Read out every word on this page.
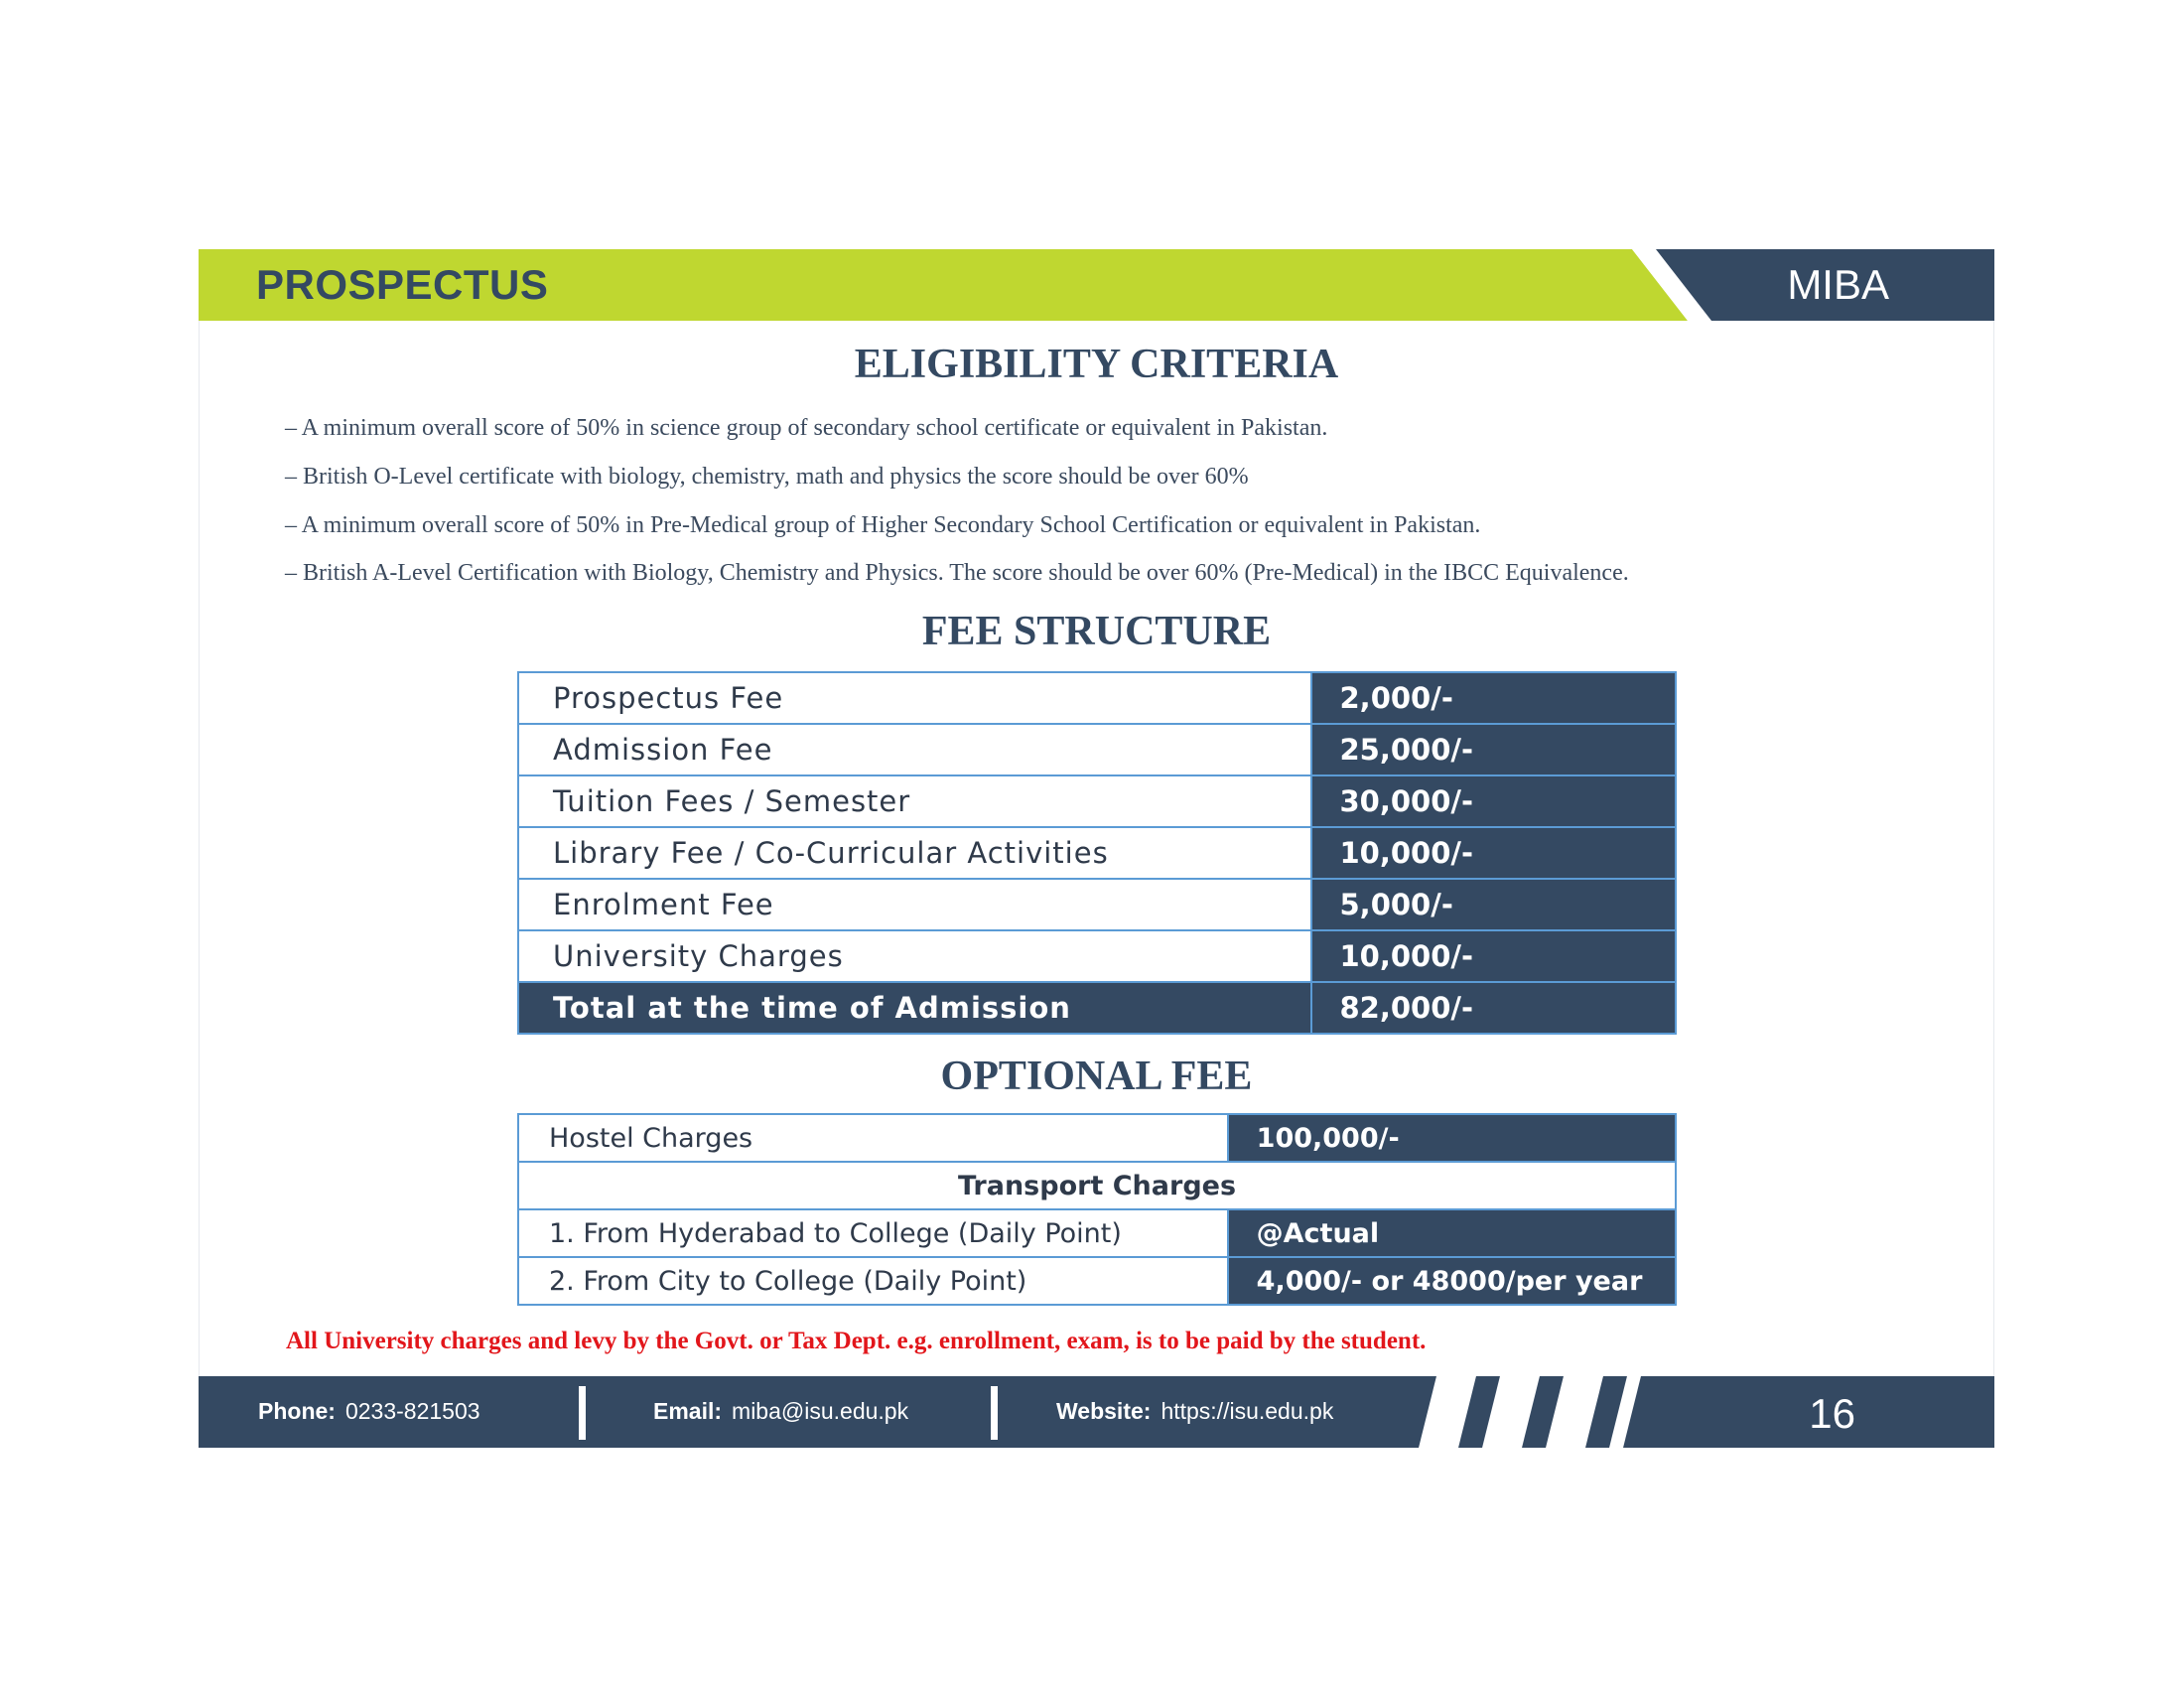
PROSPECTUS	MIBA
ELIGIBILITY CRITERIA
– A minimum overall score of 50% in science group of secondary school certificate or equivalent in Pakistan.
– British O-Level certificate with biology, chemistry, math and physics the score should be over 60%
– A minimum overall score of 50% in Pre-Medical group of Higher Secondary School Certification or equivalent in Pakistan.
– British A-Level Certification with Biology, Chemistry and Physics. The score should be over 60% (Pre-Medical) in the IBCC Equivalence.
FEE STRUCTURE
Prospectus Fee	2,000/-
Admission Fee	25,000/-
Tuition Fees / Semester	30,000/-
Library Fee / Co‐Curricular Activities	10,000/-
Enrolment Fee	5,000/-
University Charges	10,000/-
Total at the time of Admission	82,000/-
OPTIONAL FEE
Hostel Charges	100,000/-
Transport Charges	
1. From Hyderabad to College (Daily Point)	@Actual
2. From City to College (Daily Point)	4,000/- or 48000/per year
All University charges and levy by the Govt. or Tax Dept. e.g. enrollment, exam, is to be paid by the student.
Phone: 0233-821503	Email: miba@isu.edu.pk	Website: https://isu.edu.pk	16
